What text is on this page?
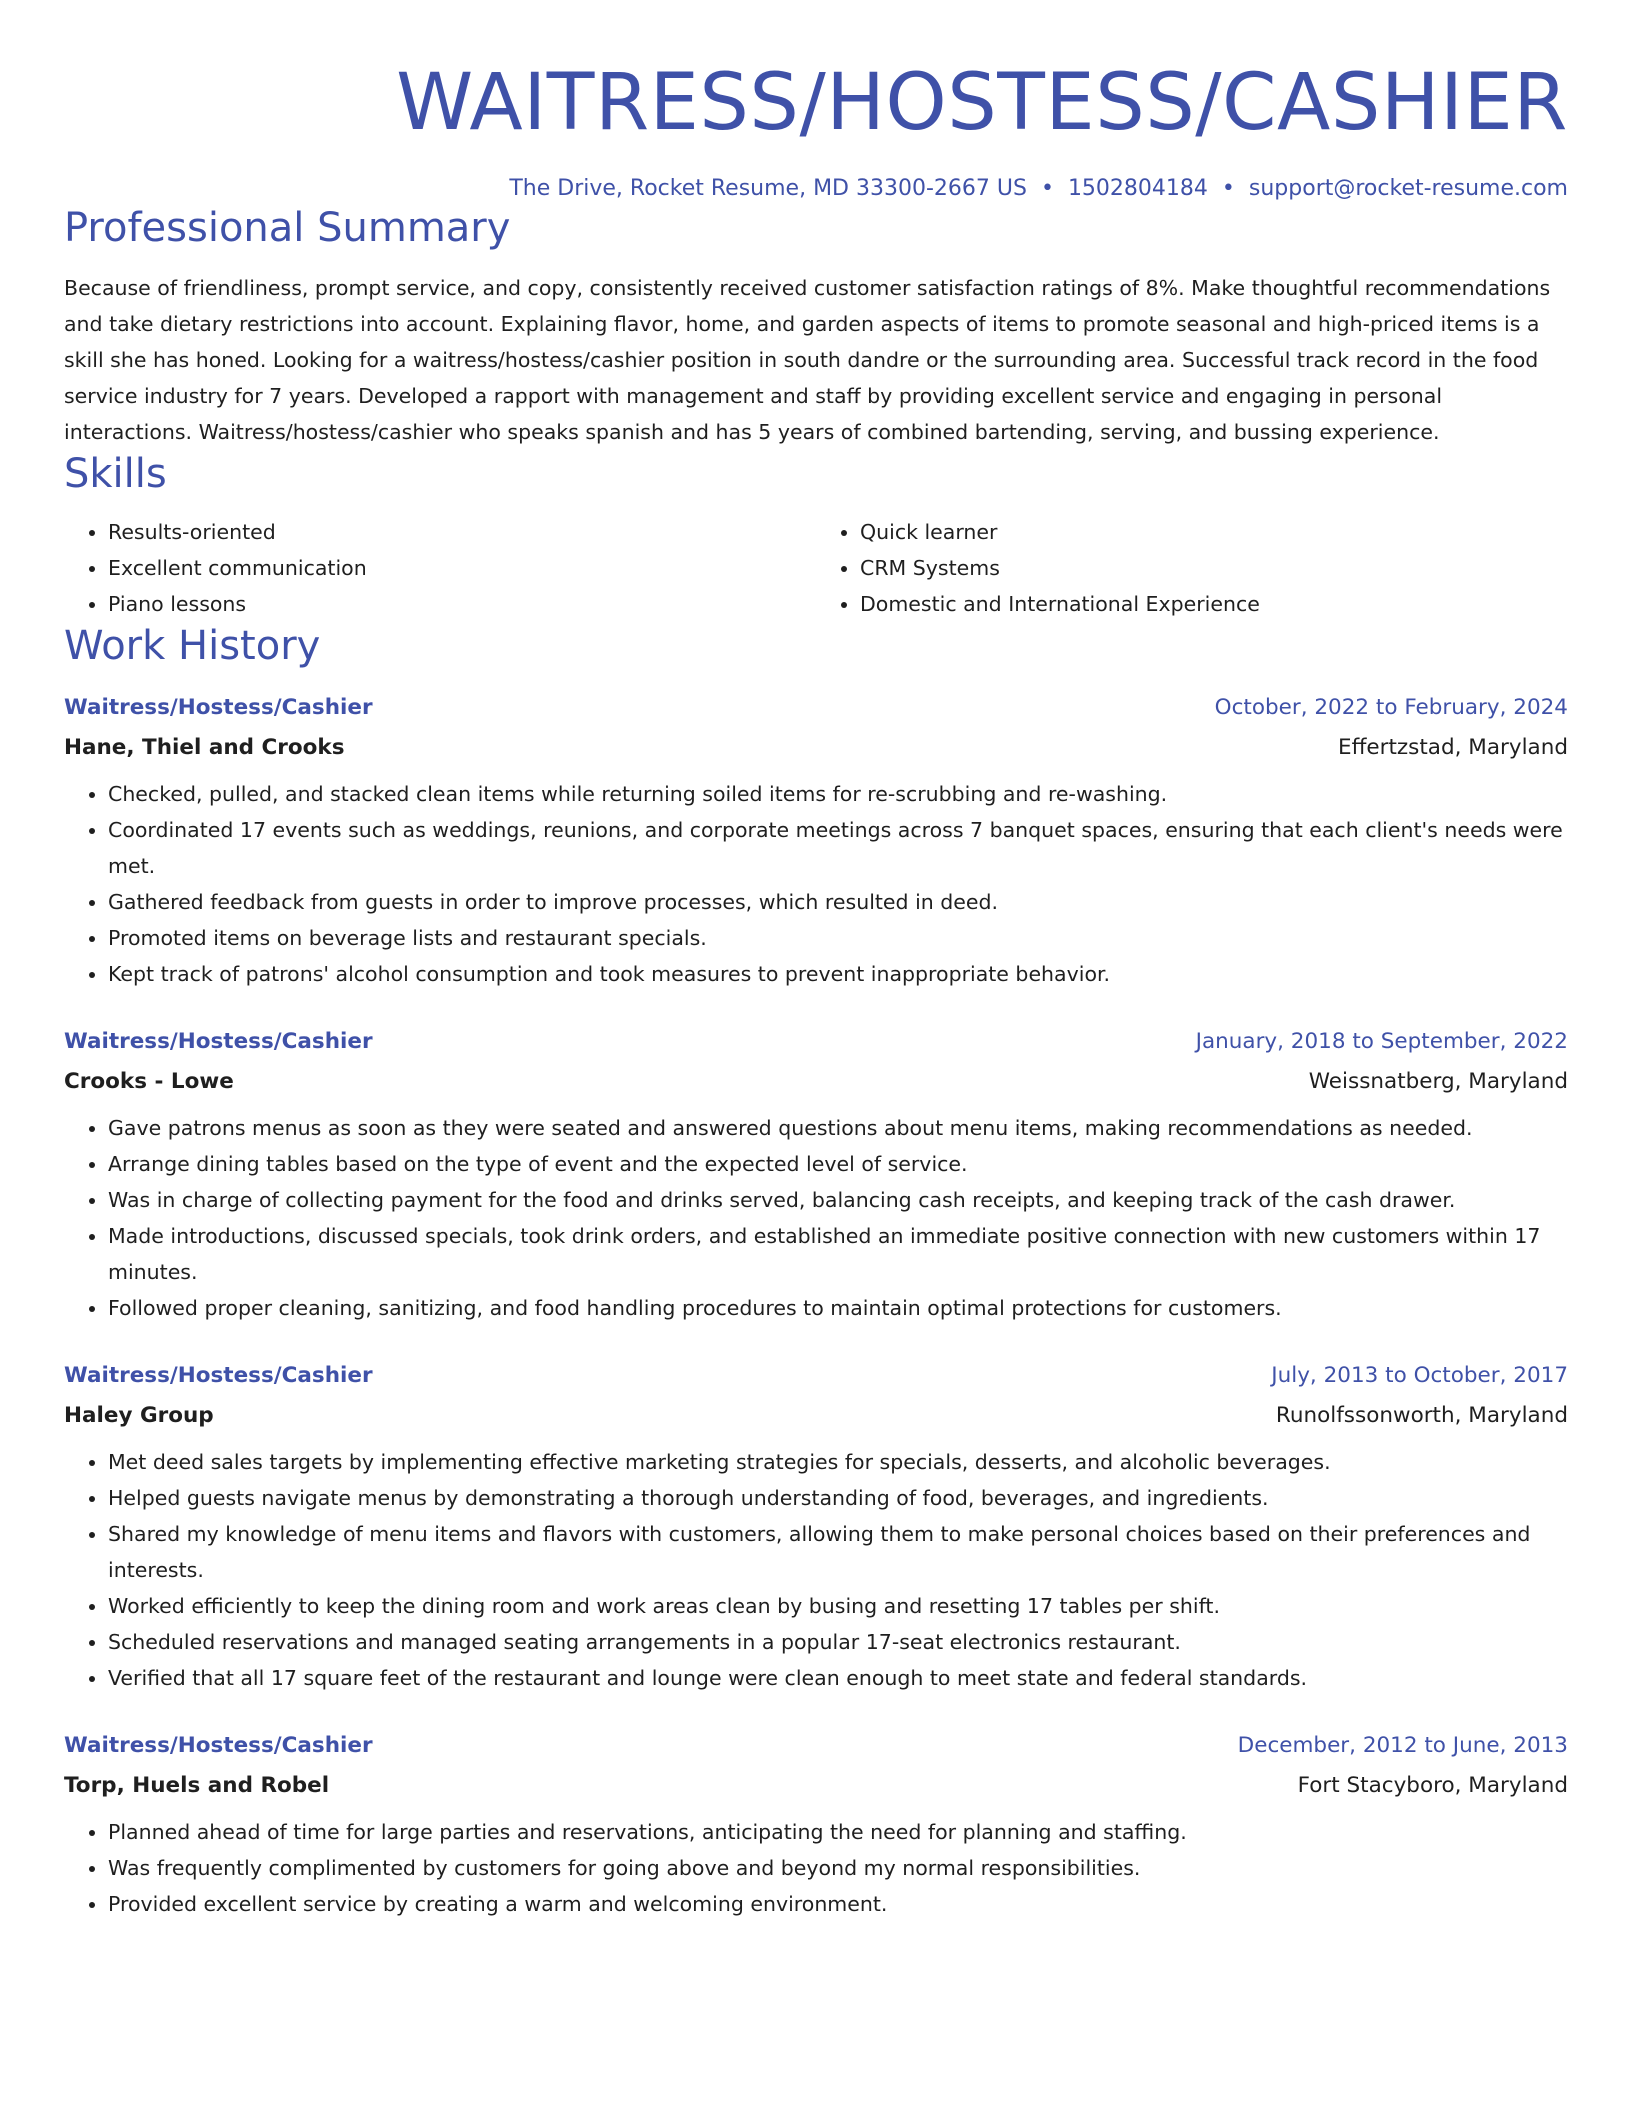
WAITRESS/HOSTESS/CASHIER
The Drive, Rocket Resume, MD 33300-2667 US • 1502804184 • support@rocket-resume.com
Professional Summary
Because of friendliness, prompt service, and copy, consistently received customer satisfaction ratings of 8%. Make thoughtful recommendations and take dietary restrictions into account. Explaining flavor, home, and garden aspects of items to promote seasonal and high-priced items is a skill she has honed. Looking for a waitress/hostess/cashier position in south dandre or the surrounding area. Successful track record in the food service industry for 7 years. Developed a rapport with management and staff by providing excellent service and engaging in personal interactions. Waitress/hostess/cashier who speaks spanish and has 5 years of combined bartending, serving, and bussing experience.
Skills
• Results-oriented
• Excellent communication
• Piano lessons
• Quick learner
• CRM Systems
• Domestic and International Experience
Work History
Waitress/Hostess/Cashier	October, 2022 to February, 2024
Hane, Thiel and Crooks	Effertzstad, Maryland
• Checked, pulled, and stacked clean items while returning soiled items for re-scrubbing and re-washing.
• Coordinated 17 events such as weddings, reunions, and corporate meetings across 7 banquet spaces, ensuring that each client's needs were met.
• Gathered feedback from guests in order to improve processes, which resulted in deed.
• Promoted items on beverage lists and restaurant specials.
• Kept track of patrons' alcohol consumption and took measures to prevent inappropriate behavior.
Waitress/Hostess/Cashier	January, 2018 to September, 2022
Crooks - Lowe	Weissnatberg, Maryland
• Gave patrons menus as soon as they were seated and answered questions about menu items, making recommendations as needed.
• Arrange dining tables based on the type of event and the expected level of service.
• Was in charge of collecting payment for the food and drinks served, balancing cash receipts, and keeping track of the cash drawer.
• Made introductions, discussed specials, took drink orders, and established an immediate positive connection with new customers within 17 minutes.
• Followed proper cleaning, sanitizing, and food handling procedures to maintain optimal protections for customers.
Waitress/Hostess/Cashier	July, 2013 to October, 2017
Haley Group	Runolfssonworth, Maryland
• Met deed sales targets by implementing effective marketing strategies for specials, desserts, and alcoholic beverages.
• Helped guests navigate menus by demonstrating a thorough understanding of food, beverages, and ingredients.
• Shared my knowledge of menu items and flavors with customers, allowing them to make personal choices based on their preferences and interests.
• Worked efficiently to keep the dining room and work areas clean by busing and resetting 17 tables per shift.
• Scheduled reservations and managed seating arrangements in a popular 17-seat electronics restaurant.
• Verified that all 17 square feet of the restaurant and lounge were clean enough to meet state and federal standards.
Waitress/Hostess/Cashier	December, 2012 to June, 2013
Torp, Huels and Robel	Fort Stacyboro, Maryland
• Planned ahead of time for large parties and reservations, anticipating the need for planning and staffing.
• Was frequently complimented by customers for going above and beyond my normal responsibilities.
• Provided excellent service by creating a warm and welcoming environment.
